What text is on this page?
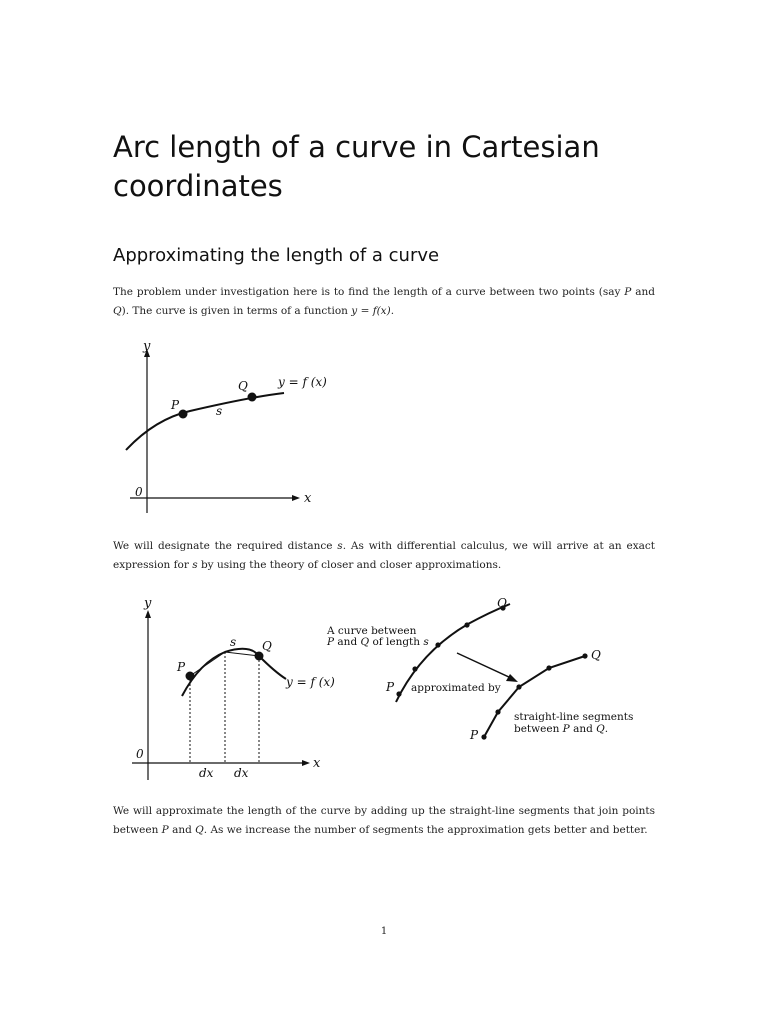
Arc length of a curve in Cartesian coordinates
Approximating the length of a curve

The problem under investigation here is to find the length of a curve between two points (say P and Q). The curve is given in terms of a function y = f(x).

y
x
0
P
Q
s
y = f (x)

We will designate the required distance s. As with differential calculus, we will arrive at an exact expression for s by using the theory of closer and closer approximations.

y
x
0
P
Q
s
y = f (x)
dx dx
Q
P
A curve between
P and Q of length s
approximated by
Q
P
straight-line segments
between P and Q.

We will approximate the length of the curve by adding up the straight-line segments that join points between P and Q. As we increase the number of segments the approximation gets better and better.

1
